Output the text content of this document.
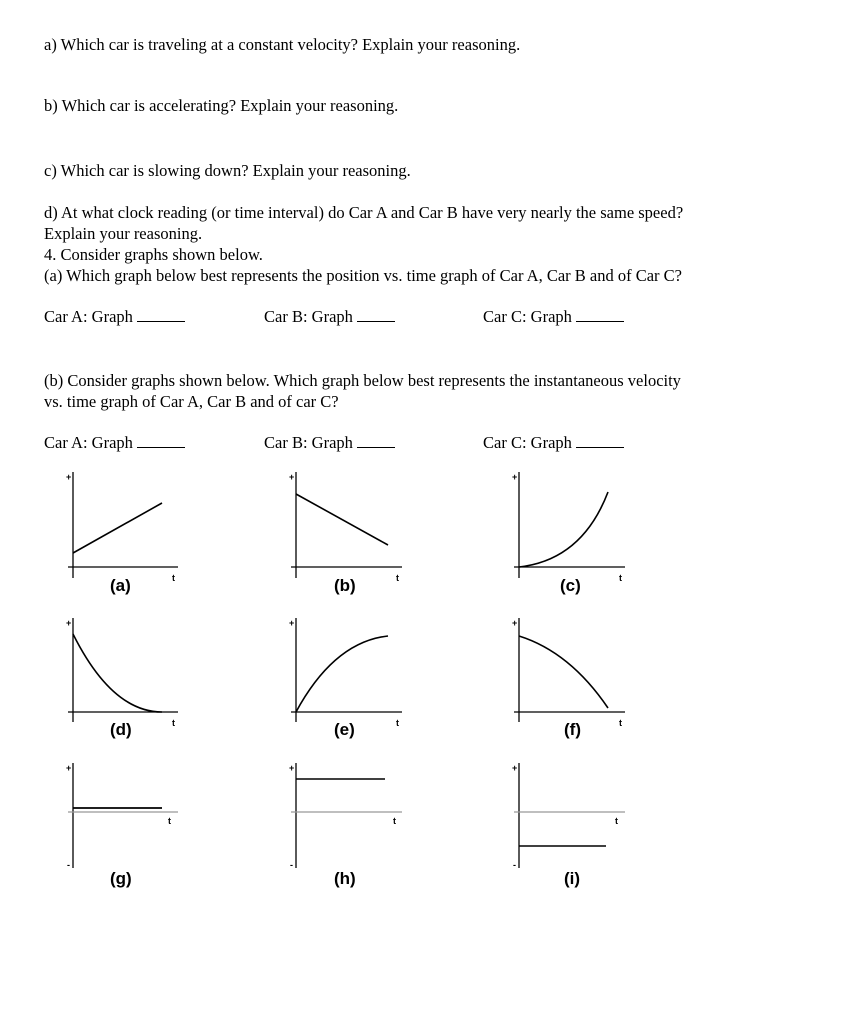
a) Which car is traveling at a constant velocity? Explain your reasoning.
b) Which car is accelerating? Explain your reasoning.
c) Which car is slowing down? Explain your reasoning.
d) At what clock reading (or time interval) do Car A and Car B have very nearly the same speed?
Explain your reasoning.
4. Consider graphs shown below.
(a) Which graph below best represents the position vs. time graph of Car A, Car B and of Car C?
Car A: Graph	Car B: Graph	Car C: Graph
(b) Consider graphs shown below. Which graph below best represents the instantaneous velocity
vs. time graph of Car A, Car B and of car C?
Car A: Graph	Car B: Graph	Car C: Graph
+	+	+
+	+	+
+	+	+
-	-	-
t	t	t
t	t	t
t	t	t
(a)	(b)	(c)
(d)	(e)	(f)
(g)	(h)	(i)
